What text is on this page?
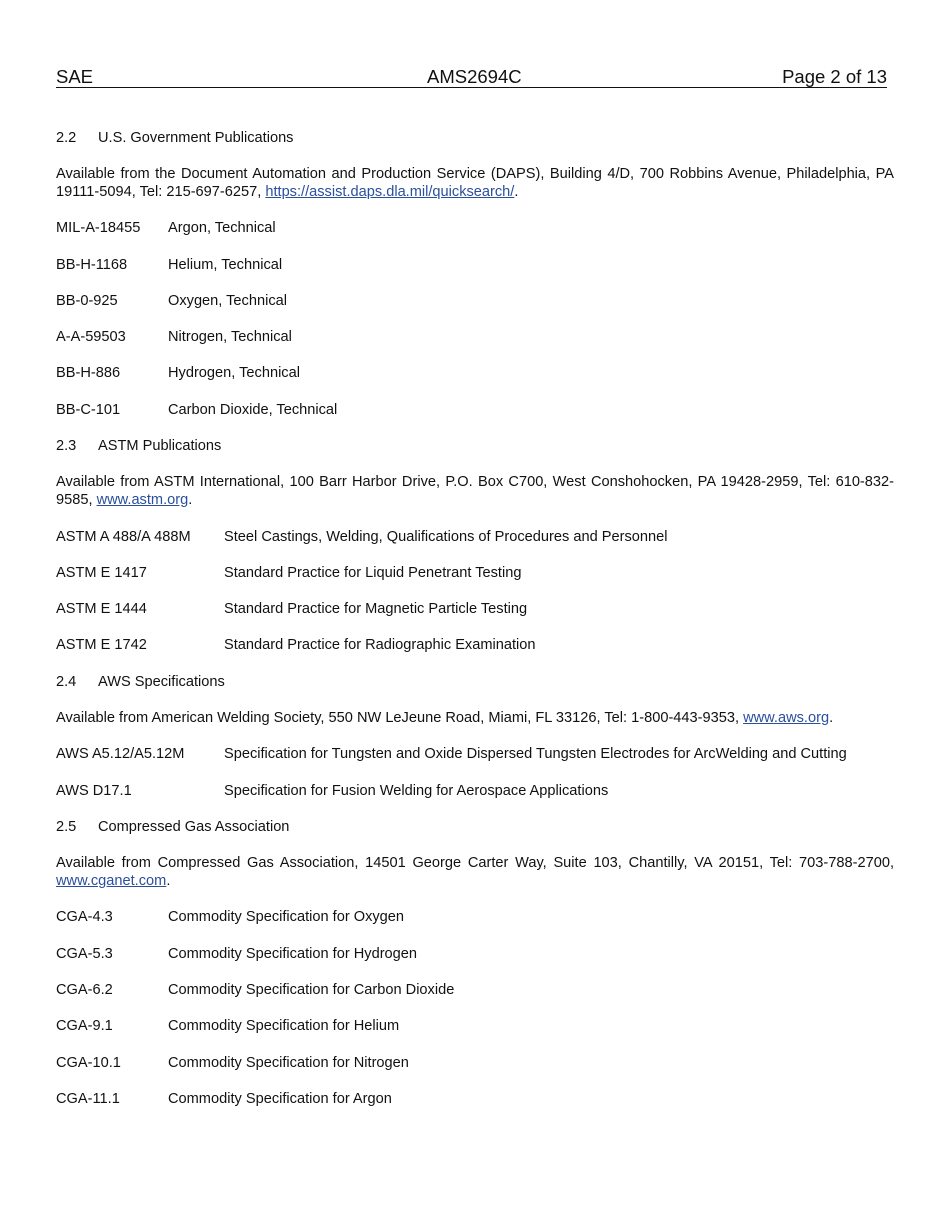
SAE	AMS2694C	Page 2 of 13
2.2 U.S. Government Publications
Available from the Document Automation and Production Service (DAPS), Building 4/D, 700 Robbins Avenue, Philadelphia, PA 19111-5094, Tel: 215-697-6257, https://assist.daps.dla.mil/quicksearch/.
MIL-A-18455 Argon, Technical
BB-H-1168	Helium, Technical
BB-0-925	Oxygen, Technical
A-A-59503	Nitrogen, Technical
BB-H-886	Hydrogen, Technical
BB-C-101	Carbon Dioxide, Technical
2.3 ASTM Publications
Available from ASTM International, 100 Barr Harbor Drive, P.O. Box C700, West Conshohocken, PA 19428-2959, Tel: 610-832-9585, www.astm.org.
ASTM A 488/A 488M Steel Castings, Welding, Qualifications of Procedures and Personnel
ASTM E 1417	Standard Practice for Liquid Penetrant Testing
ASTM E 1444	Standard Practice for Magnetic Particle Testing
ASTM E 1742	Standard Practice for Radiographic Examination
2.4 AWS Specifications
Available from American Welding Society, 550 NW LeJeune Road, Miami, FL 33126, Tel: 1-800-443-9353, www.aws.org.
AWS A5.12/A5.12M	Specification for Tungsten and Oxide Dispersed Tungsten Electrodes for ArcWelding and Cutting
AWS D17.1	Specification for Fusion Welding for Aerospace Applications
2.5 Compressed Gas Association
Available from Compressed Gas Association, 14501 George Carter Way, Suite 103, Chantilly, VA 20151, Tel: 703-788-2700, www.cganet.com.
CGA-4.3	Commodity Specification for Oxygen
CGA-5.3	Commodity Specification for Hydrogen
CGA-6.2	Commodity Specification for Carbon Dioxide
CGA-9.1	Commodity Specification for Helium
CGA-10.1	Commodity Specification for Nitrogen
CGA-11.1	Commodity Specification for Argon
